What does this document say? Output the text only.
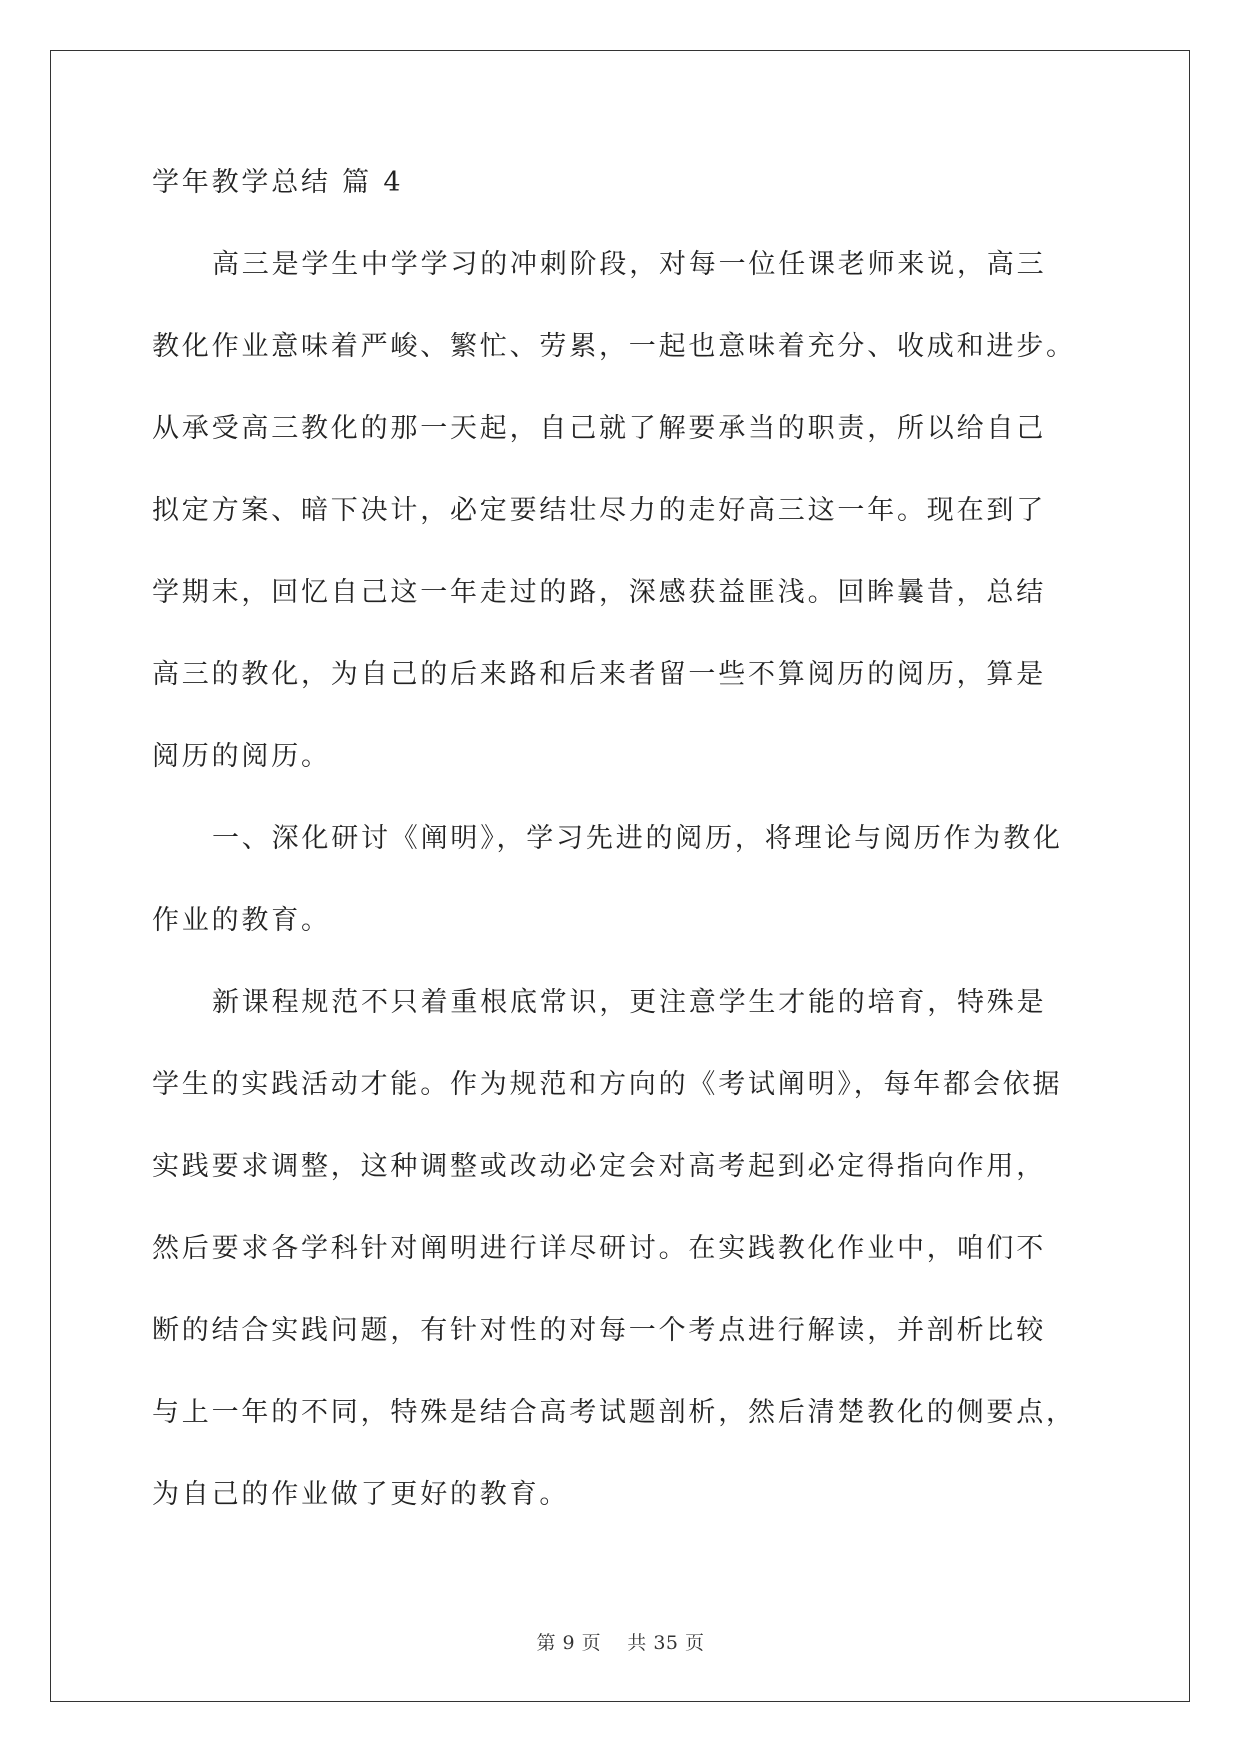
学年教学总结 篇 4
高三是学生中学学习的冲刺阶段，对每一位任课老师来说，高三
教化作业意味着严峻、繁忙、劳累，一起也意味着充分、收成和进步。
从承受高三教化的那一天起，自己就了解要承当的职责，所以给自己
拟定方案、暗下决计，必定要结壮尽力的走好高三这一年。现在到了
学期末，回忆自己这一年走过的路，深感获益匪浅。回眸曩昔，总结
高三的教化，为自己的后来路和后来者留一些不算阅历的阅历，算是
阅历的阅历。
一、深化研讨《阐明》，学习先进的阅历，将理论与阅历作为教化
作业的教育。
新课程规范不只着重根底常识，更注意学生才能的培育，特殊是
学生的实践活动才能。作为规范和方向的《考试阐明》，每年都会依据
实践要求调整，这种调整或改动必定会对高考起到必定得指向作用，
然后要求各学科针对阐明进行详尽研讨。在实践教化作业中，咱们不
断的结合实践问题，有针对性的对每一个考点进行解读，并剖析比较
与上一年的不同，特殊是结合高考试题剖析，然后清楚教化的侧要点，
为自己的作业做了更好的教育。
第 9 页    共 35 页
